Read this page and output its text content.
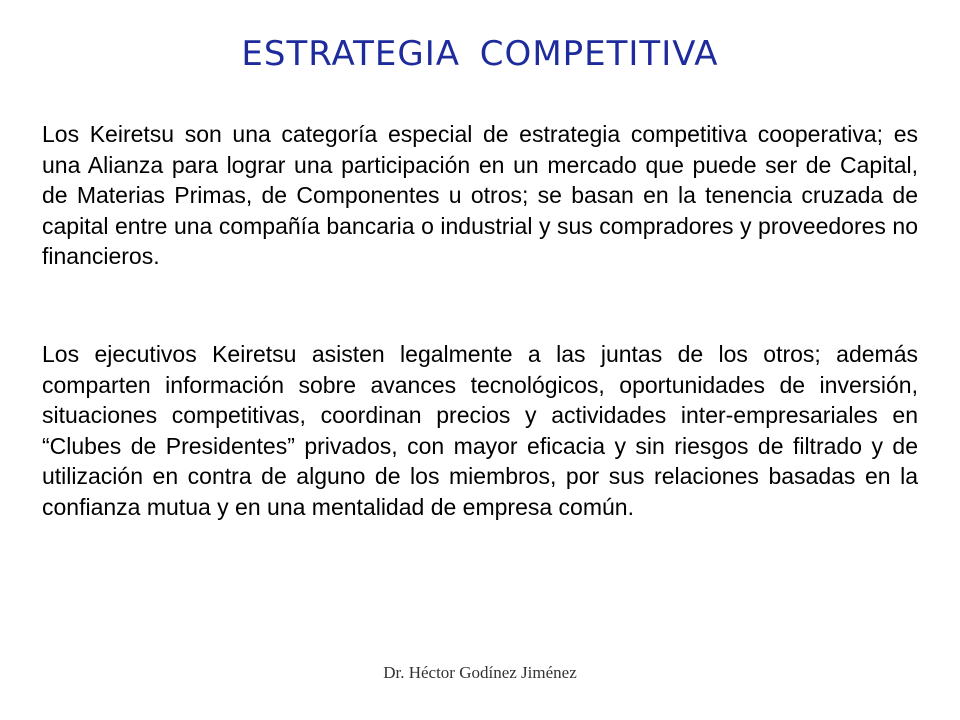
ESTRATEGIA COMPETITIVA

Los Keiretsu son una categoría especial de estrategia competitiva cooperativa; es una Alianza para lograr una participación en un mercado que puede ser de Capital, de Materias Primas, de Componentes u otros; se basan en la tenencia cruzada de capital entre una compañía bancaria o industrial y sus compradores y proveedores no financieros.

Los ejecutivos Keiretsu asisten legalmente a las juntas de los otros; además comparten información sobre avances tecnológicos, oportunidades de inversión, situaciones competitivas, coordinan precios y actividades inter-empresariales en “Clubes de Presidentes” privados, con mayor eficacia y sin riesgos de filtrado y de utilización en contra de alguno de los miembros, por sus relaciones basadas en la confianza mutua y en una mentalidad de empresa común.

Dr. Héctor Godínez Jiménez
